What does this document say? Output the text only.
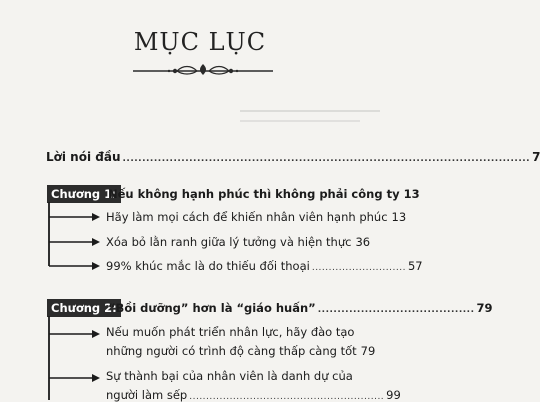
MỤC LỤC
Lời nói đầu ........................................................................................................ 7
Chương 1:
Nếu không hạnh phúc thì không phải công ty 13
Hãy làm mọi cách để khiến nhân viên hạnh phúc 13
Xóa bỏ lằn ranh giữa lý tưởng và hiện thực 36
99% khúc mắc là do thiếu đối thoại ............................ 57
Chương 2:
“Bồi dưỡng” hơn là “giáo huấn” ........................................ 79
Nếu muốn phát triển nhân lực, hãy đào tạo
những người có trình độ càng thấp càng tốt 79
Sự thành bại của nhân viên là danh dự của
người làm sếp .......................................................... 99
